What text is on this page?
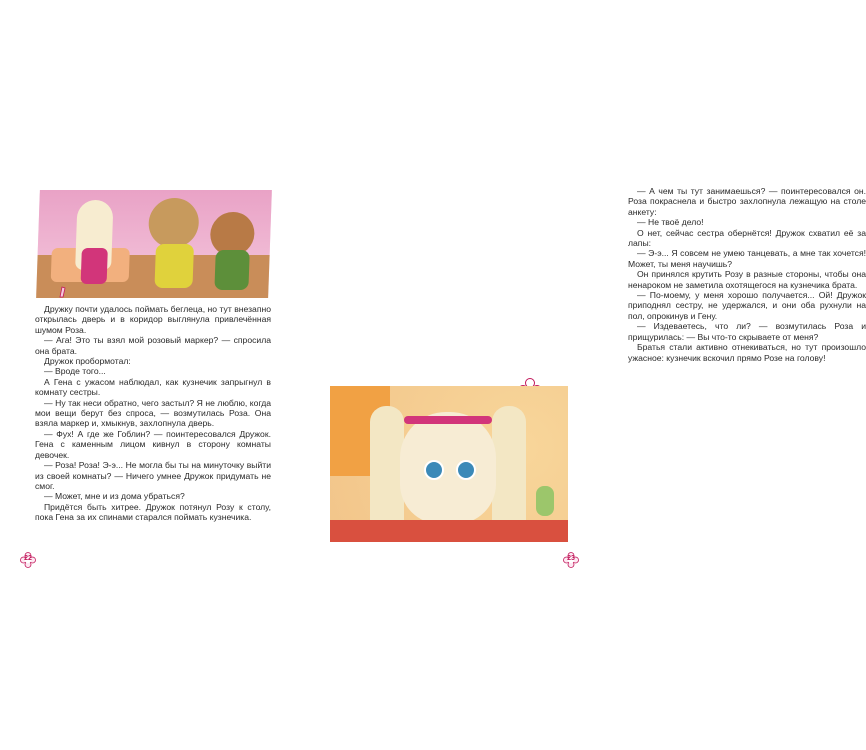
Дружку почти удалось поймать беглеца, но тут внезапно открылась дверь и в коридор выглянула привлечённая шумом Роза.

— Ага! Это ты взял мой розовый маркер? — спросила она брата.

Дружок пробормотал:

— Вроде того...

А Гена с ужасом наблюдал, как кузнечик запрыгнул в комнату сестры.

— Ну так неси обратно, чего застыл? Я не люблю, когда мои вещи берут без спроса, — возмутилась Роза. Она взяла маркер и, хмыкнув, захлопнула дверь.

— Фух! А где же Гоблин? — поинтересовался Дружок. Гена с каменным лицом кивнул в сторону комнаты девочек.

— Роза! Роза! Э-э... Не могла бы ты на минуточку выйти из своей комнаты? — Ничего умнее Дружок придумать не смог.

— Может, мне и из дома убраться?

Придётся быть хитрее. Дружок потянул Розу к столу, пока Гена за их спинами старался поймать кузнечика.

22

— А чем ты тут занимаешься? — поинтересовался он. Роза покраснела и быстро захлопнула лежащую на столе анкету:

— Не твоё дело!

О нет, сейчас сестра обернётся! Дружок схватил её за лапы:

— Э-э... Я совсем не умею танцевать, а мне так хочется! Может, ты меня научишь?

Он принялся крутить Розу в разные стороны, чтобы она ненароком не заметила охотящегося на кузнечика брата.

— По-моему, у меня хорошо получается... Ой! Дружок приподнял сестру, не удержался, и они оба рухнули на пол, опрокинув и Гену.

— Издеваетесь, что ли? — возмутилась Роза и прищурилась: — Вы что-то скрываете от меня?

Братья стали активно отнекиваться, но тут произошло ужасное: кузнечик вскочил прямо Розе на голову!

23
